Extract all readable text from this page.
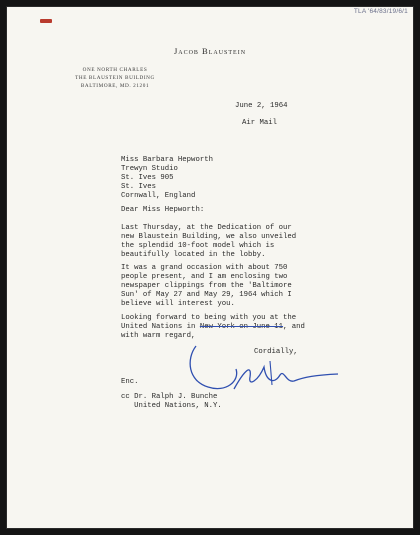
TLA '64/83/19/6/1
Jacob Blaustein
ONE NORTH CHARLES
THE BLAUSTEIN BUILDING
BALTIMORE, MD. 21201
June 2, 1964
Air Mail
Miss Barbara Hepworth
Trewyn Studio
St. Ives 905
St. Ives
Cornwall, England
Dear Miss Hepworth:
Last Thursday, at the Dedication of our
new Blaustein Building, we also unveiled
the splendid 10-foot model which is
beautifully located in the lobby.
It was a grand occasion with about 750
people present, and I am enclosing two
newspaper clippings from the 'Baltimore
Sun' of May 27 and May 29, 1964 which I
believe will interest you.
Looking forward to being with you at the
United Nations in New York on June 11, and
with warm regard,
Cordially,
Enc.
cc Dr. Ralph J. Bunche
United Nations, N.Y.
